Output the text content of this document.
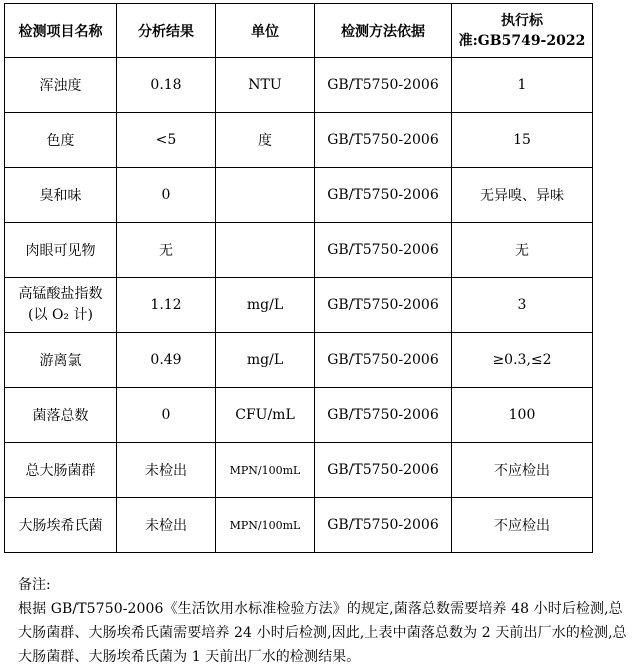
检测项目名称	分析结果	单位	检测方法依据	执行标
准:GB5749-2022

浑浊度	0.18	NTU	GB/T5750-2006	1
色度	<5	度	GB/T5750-2006	15
臭和味	0		GB/T5750-2006	无异嗅、异味
肉眼可见物	无		GB/T5750-2006	无

高锰酸盐指数
(以 O₂ 计)	1.12	mg/L	GB/T5750-2006	3
游离氯	0.49	mg/L	GB/T5750-2006	≥0.3,≤2
菌落总数	0	CFU/mL	GB/T5750-2006	100
总大肠菌群	未检出	MPN/100mL	GB/T5750-2006	不应检出
大肠埃希氏菌	未检出	MPN/100mL	GB/T5750-2006	不应检出

备注:

根据 GB/T5750-2006《生活饮用水标准检验方法》的规定,菌落总数需要培养 48 小时后检测,总大肠菌群、大肠埃希氏菌需要培养 24 小时后检测,因此,上表中菌落总数为 2 天前出厂水的检测,总大肠菌群、大肠埃希氏菌为 1 天前出厂水的检测结果。
